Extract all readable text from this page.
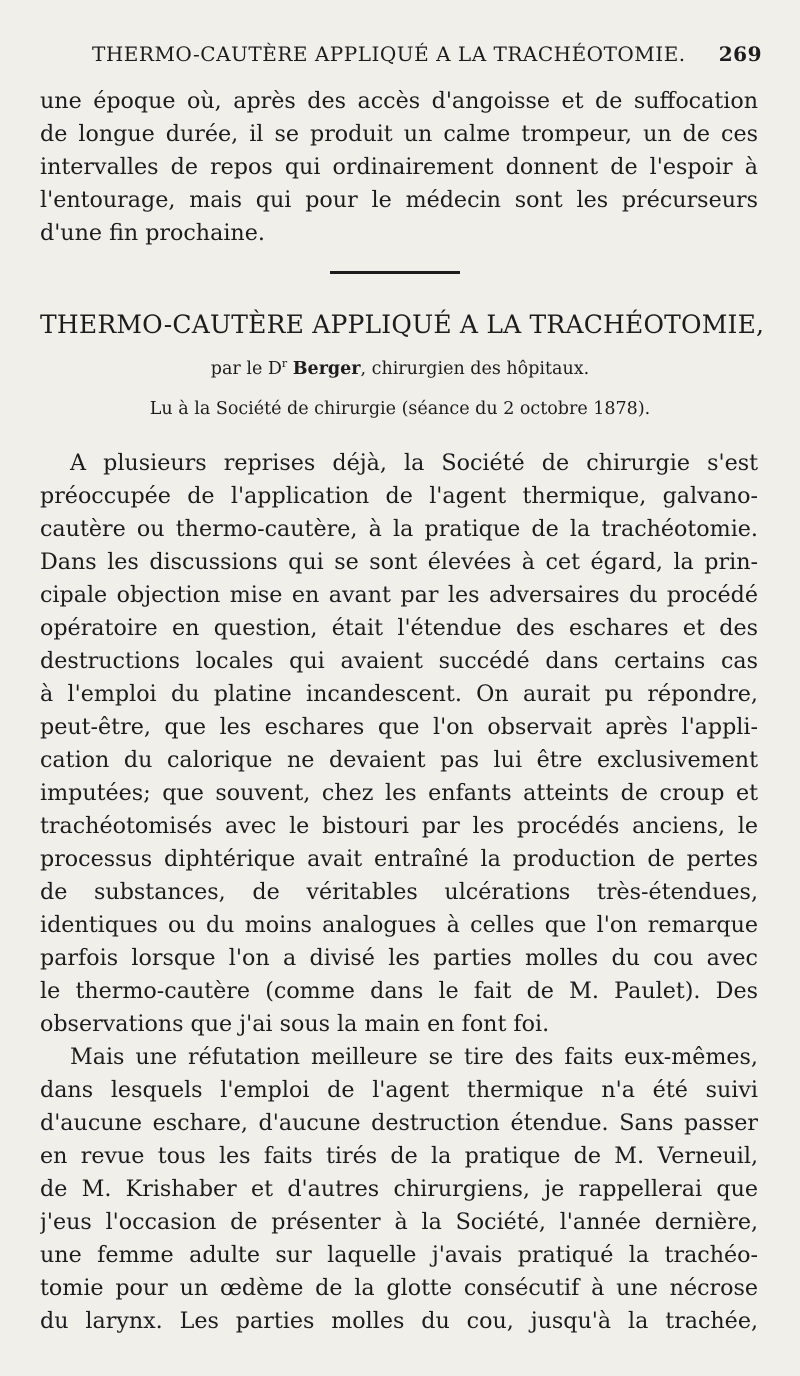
THERMO-CAUTÈRE APPLIQUÉ A LA TRACHÉOTOMIE. 269
une époque où, après des accès d'angoisse et de suffocation
de longue durée, il se produit un calme trompeur, un de ces
intervalles de repos qui ordinairement donnent de l'espoir à
l'entourage, mais qui pour le médecin sont les précurseurs
d'une fin prochaine.
THERMO-CAUTÈRE APPLIQUÉ A LA TRACHÉOTOMIE,
par le $D^r$ Berger, chirurgien des hôpitaux.
Lu à la Société de chirurgie (séance du 2 octobre 1878).
A plusieurs reprises déjà, la Société de chirurgie s'est
préoccupée de l'application de l'agent thermique, galvano-
cautère ou thermo-cautère, à la pratique de la trachéotomie.
Dans les discussions qui se sont élevées à cet égard, la prin-
cipale objection mise en avant par les adversaires du procédé
opératoire en question, était l'étendue des eschares et des
destructions locales qui avaient succédé dans certains cas
à l'emploi du platine incandescent. On aurait pu répondre,
peut-être, que les eschares que l'on observait après l'appli-
cation du calorique ne devaient pas lui être exclusivement
imputées; que souvent, chez les enfants atteints de croup et
trachéotomisés avec le bistouri par les procédés anciens, le
processus diphtérique avait entraîné la production de pertes
de substances, de véritables ulcérations très-étendues,
identiques ou du moins analogues à celles que l'on remarque
parfois lorsque l'on a divisé les parties molles du cou avec
le thermo-cautère (comme dans le fait de M. Paulet). Des
observations que j'ai sous la main en font foi.
Mais une réfutation meilleure se tire des faits eux-mêmes,
dans lesquels l'emploi de l'agent thermique n'a été suivi
d'aucune eschare, d'aucune destruction étendue. Sans passer
en revue tous les faits tirés de la pratique de M. Verneuil,
de M. Krishaber et d'autres chirurgiens, je rappellerai que
j'eus l'occasion de présenter à la Société, l'année dernière,
une femme adulte sur laquelle j'avais pratiqué la trachéo-
tomie pour un œdème de la glotte consécutif à une nécrose
du larynx. Les parties molles du cou, jusqu'à la trachée,
